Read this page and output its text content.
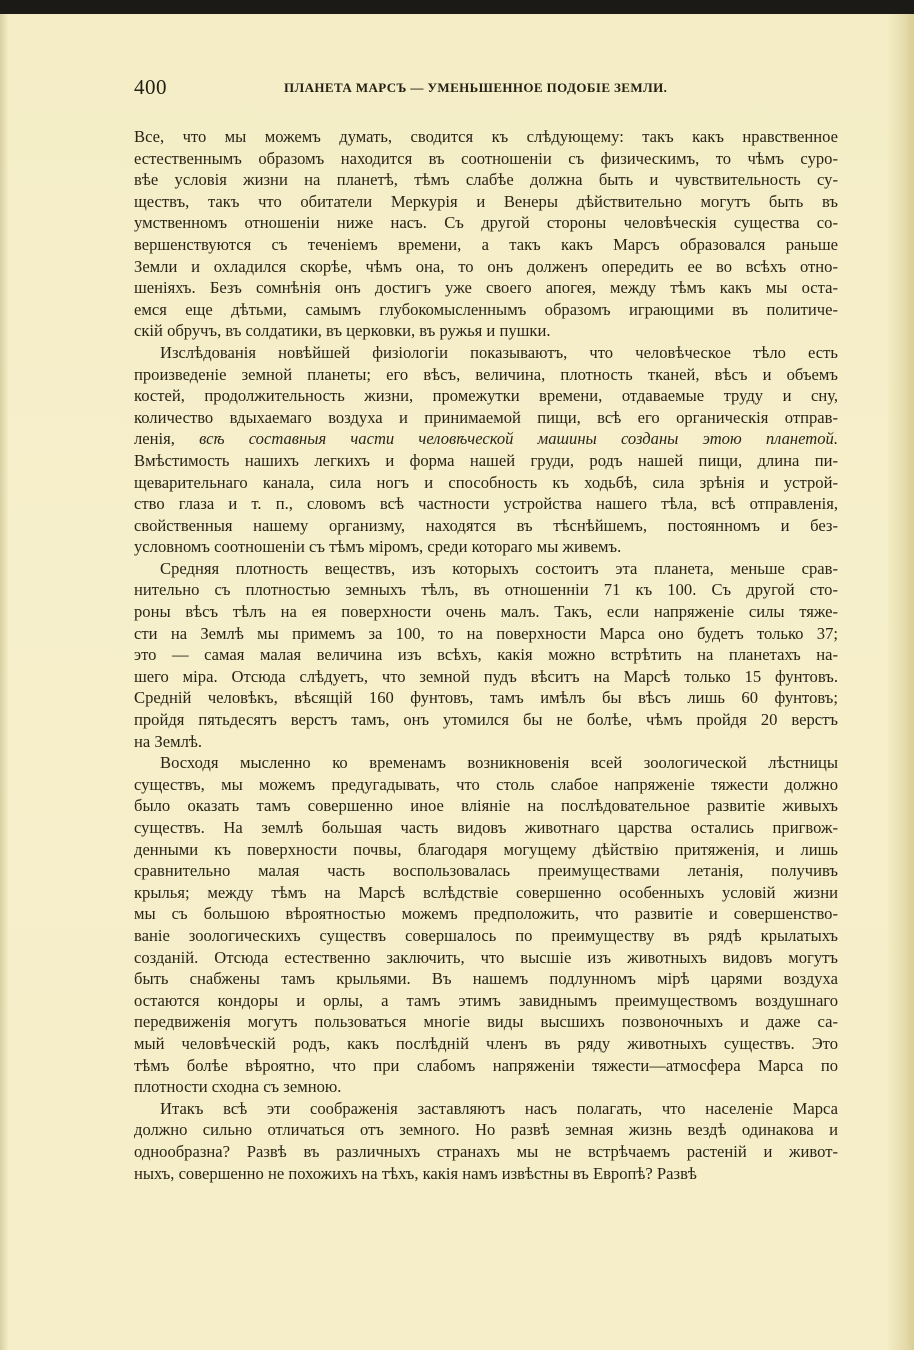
400	ПЛАНЕТА МАРСЪ — УМЕНЬШЕННОЕ ПОДОБІЕ ЗЕМЛИ.
Все, что мы можемъ думать, сводится къ слѣдующему: такъ какъ нравственное
естественнымъ образомъ находится въ соотношеніи съ физическимъ, то чѣмъ суро-
вѣе условія жизни на планетѣ, тѣмъ слабѣе должна быть и чувствительность су-
ществъ, такъ что обитатели Меркурія и Венеры дѣйствительно могутъ быть въ
умственномъ отношеніи ниже насъ. Съ другой стороны человѣческія существа со-
вершенствуются съ теченіемъ времени, а такъ какъ Марсъ образовался раньше
Земли и охладился скорѣе, чѣмъ она, то онъ долженъ опередить ее во всѣхъ отно-
шеніяхъ. Безъ сомнѣнія онъ достигъ уже своего апогея, между тѣмъ какъ мы оста-
емся еще дѣтьми, самымъ глубокомысленнымъ образомъ играющими въ политиче-
скій обручъ, въ солдатики, въ церковки, въ ружья и пушки.
Изслѣдованія новѣйшей физіологіи показываютъ, что человѣческое тѣло есть
произведеніе земной планеты; его вѣсъ, величина, плотность тканей, вѣсъ и объемъ
костей, продолжительность жизни, промежутки времени, отдаваемые труду и сну,
количество вдыхаемаго воздуха и принимаемой пищи, всѣ его органическія отправ-
ленія, всѣ составныя части человѣческой машины созданы этою планетой.
Вмѣстимость нашихъ легкихъ и форма нашей груди, родъ нашей пищи, длина пи-
щеварительнаго канала, сила ногъ и способность къ ходьбѣ, сила зрѣнія и устрой-
ство глаза и т. п., словомъ всѣ частности устройства нашего тѣла, всѣ отправленія,
свойственныя нашему организму, находятся въ тѣснѣйшемъ, постоянномъ и без-
условномъ соотношеніи съ тѣмъ міромъ, среди котораго мы живемъ.
Средняя плотность веществъ, изъ которыхъ состоитъ эта планета, меньше срав-
нительно съ плотностью земныхъ тѣлъ, въ отношенніи 71 къ 100. Съ другой сто-
роны вѣсъ тѣлъ на ея поверхности очень малъ. Такъ, если напряженіе силы тяже-
сти на Землѣ мы примемъ за 100, то на поверхности Марса оно будетъ только 37;
это — самая малая величина изъ всѣхъ, какія можно встрѣтить на планетахъ на-
шего міра. Отсюда слѣдуетъ, что земной пудъ вѣситъ на Марсѣ только 15 фунтовъ.
Средній человѣкъ, вѣсящій 160 фунтовъ, тамъ имѣлъ бы вѣсъ лишь 60 фунтовъ;
пройдя пятьдесятъ верстъ тамъ, онъ утомился бы не болѣе, чѣмъ пройдя 20 верстъ
на Землѣ.
Восходя мысленно ко временамъ возникновенія всей зоологической лѣстницы
существъ, мы можемъ предугадывать, что столь слабое напряженіе тяжести должно
было оказать тамъ совершенно иное вліяніе на послѣдовательное развитіе живыхъ
существъ. На землѣ большая часть видовъ животнаго царства остались пригвож-
денными къ поверхности почвы, благодаря могущему дѣйствію притяженія, и лишь
сравнительно малая часть воспользовалась преимуществами летанія, получивъ
крылья; между тѣмъ на Марсѣ вслѣдствіе совершенно особенныхъ условій жизни
мы съ большою вѣроятностью можемъ предположить, что развитіе и совершенство-
ваніе зоологическихъ существъ совершалось по преимуществу въ рядѣ крылатыхъ
созданій. Отсюда естественно заключить, что высшіе изъ животныхъ видовъ могутъ
быть снабжены тамъ крыльями. Въ нашемъ подлунномъ мірѣ царями воздуха
остаются кондоры и орлы, а тамъ этимъ завиднымъ преимуществомъ воздушнаго
передвиженія могутъ пользоваться многіе виды высшихъ позвоночныхъ и даже са-
мый человѣческій родъ, какъ послѣдній членъ въ ряду животныхъ существъ. Это
тѣмъ болѣе вѣроятно, что при слабомъ напряженіи тяжести—атмосфера Марса по
плотности сходна съ земною.
Итакъ всѣ эти соображенія заставляютъ насъ полагать, что населеніе Марса
должно сильно отличаться отъ земного. Но развѣ земная жизнь вездѣ одинакова и
однообразна? Развѣ въ различныхъ странахъ мы не встрѣчаемъ растеній и живот-
ныхъ, совершенно не похожихъ на тѣхъ, какія намъ извѣстны въ Европѣ? Развѣ
